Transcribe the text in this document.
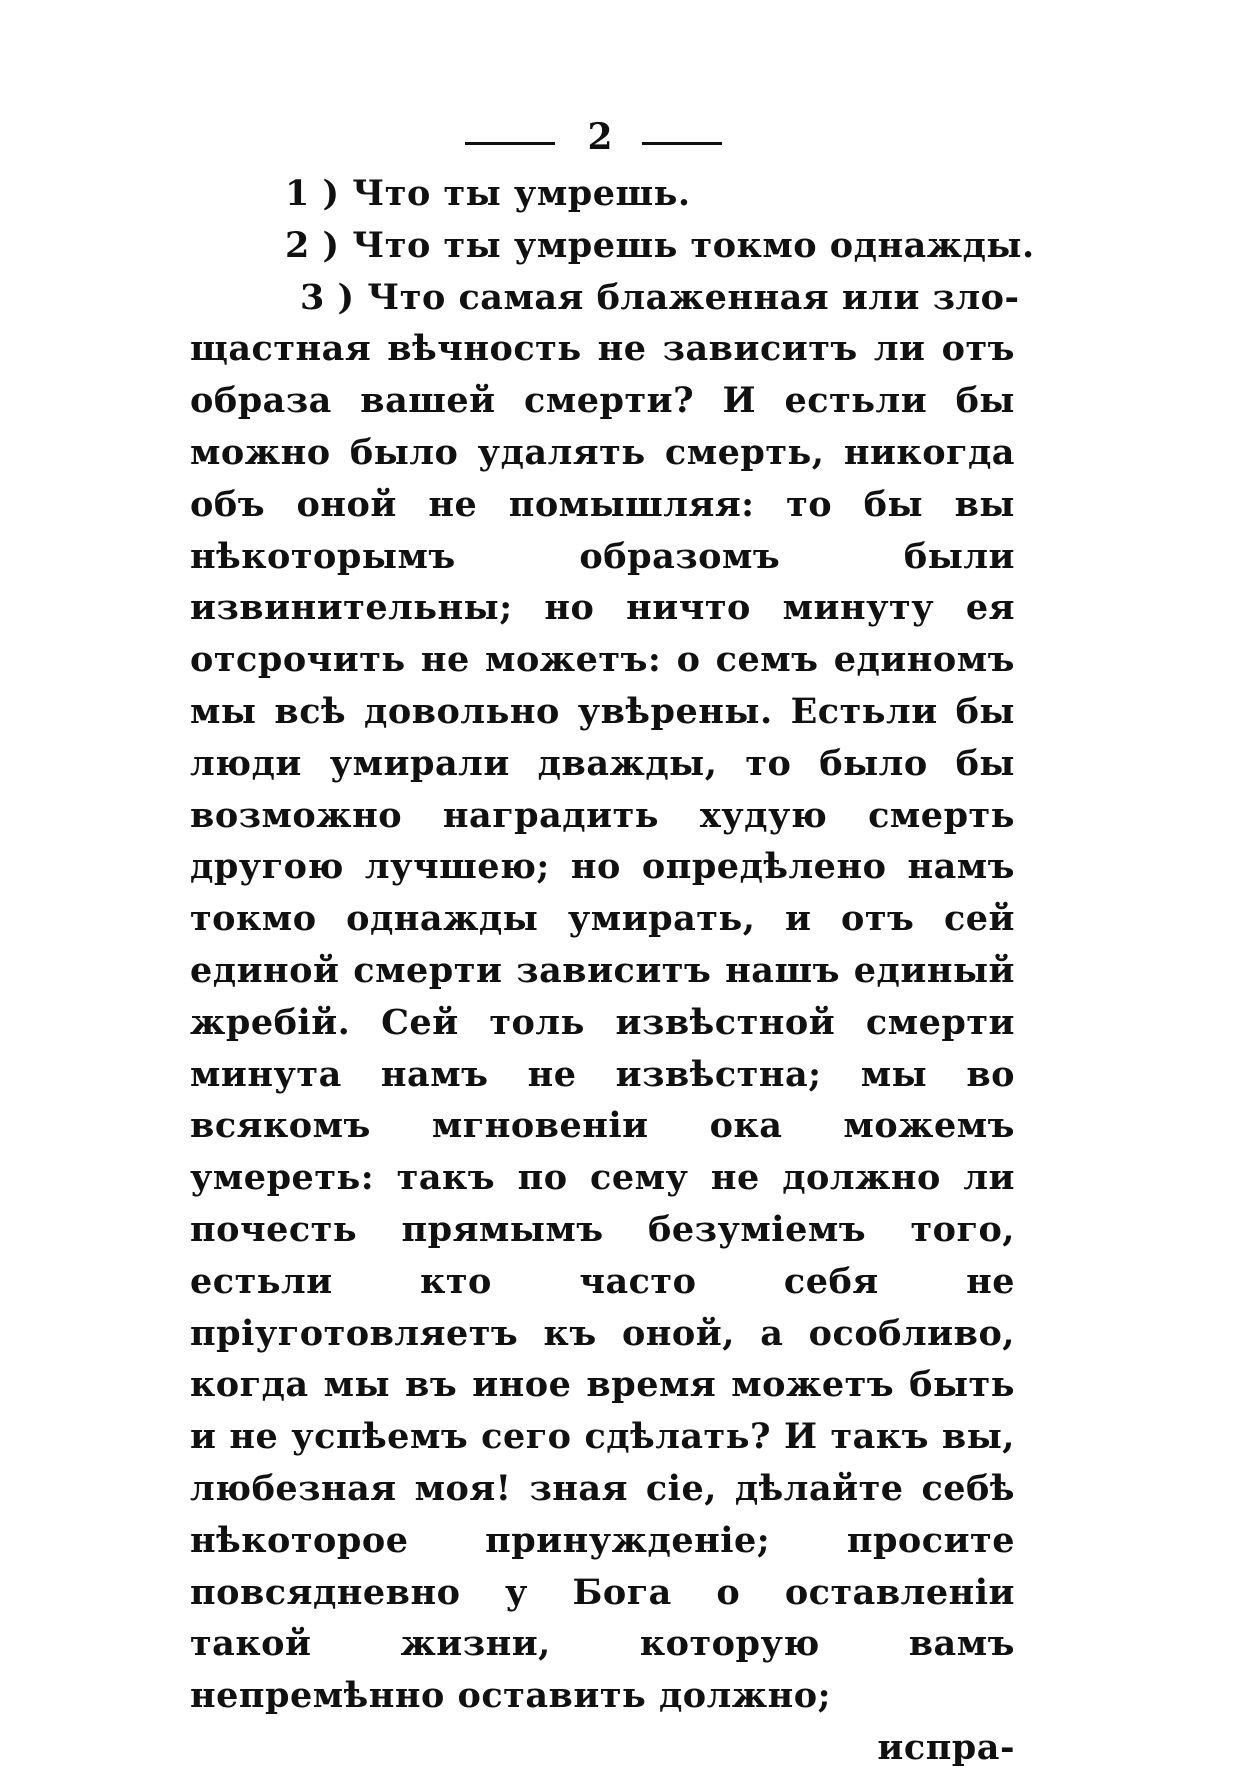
2
1 ) Что ты умрешь.
2 ) Что ты умрешь токмо однажды.
3 ) Что самая блаженная или зло-
щастная вѣчность не зависитъ ли отъ образа вашей смерти? И естьли бы можно было удалять смерть, никогда объ оной не помышляя: то бы вы нѣкоторымъ образомъ были извинительны; но ничто минуту ея отсрочить не можетъ: о семъ единомъ мы всѣ довольно увѣрены. Естьли бы люди умирали дважды, то было бы возможно наградить худую смерть другою лучшею; но опредѣлено намъ токмо однажды умирать, и отъ сей единой смерти зависитъ нашъ единый жребiй. Сей толь извѣстной смерти минута намъ не извѣстна; мы во всякомъ мгновенiи ока можемъ умереть: такъ по сему не должно ли почесть прямымъ безумiемъ того, естьли кто часто себя не прiуготовляетъ къ оной, а особливо, когда мы въ иное время можетъ быть и не успѣемъ сего сдѣлать? И такъ вы, любезная моя! зная сiе, дѣлайте себѣ нѣкоторое принужденiе; просите повсядневно у Бога о оставленiи такой жизни, которую вамъ непремѣнно оставить должно;
испра-
